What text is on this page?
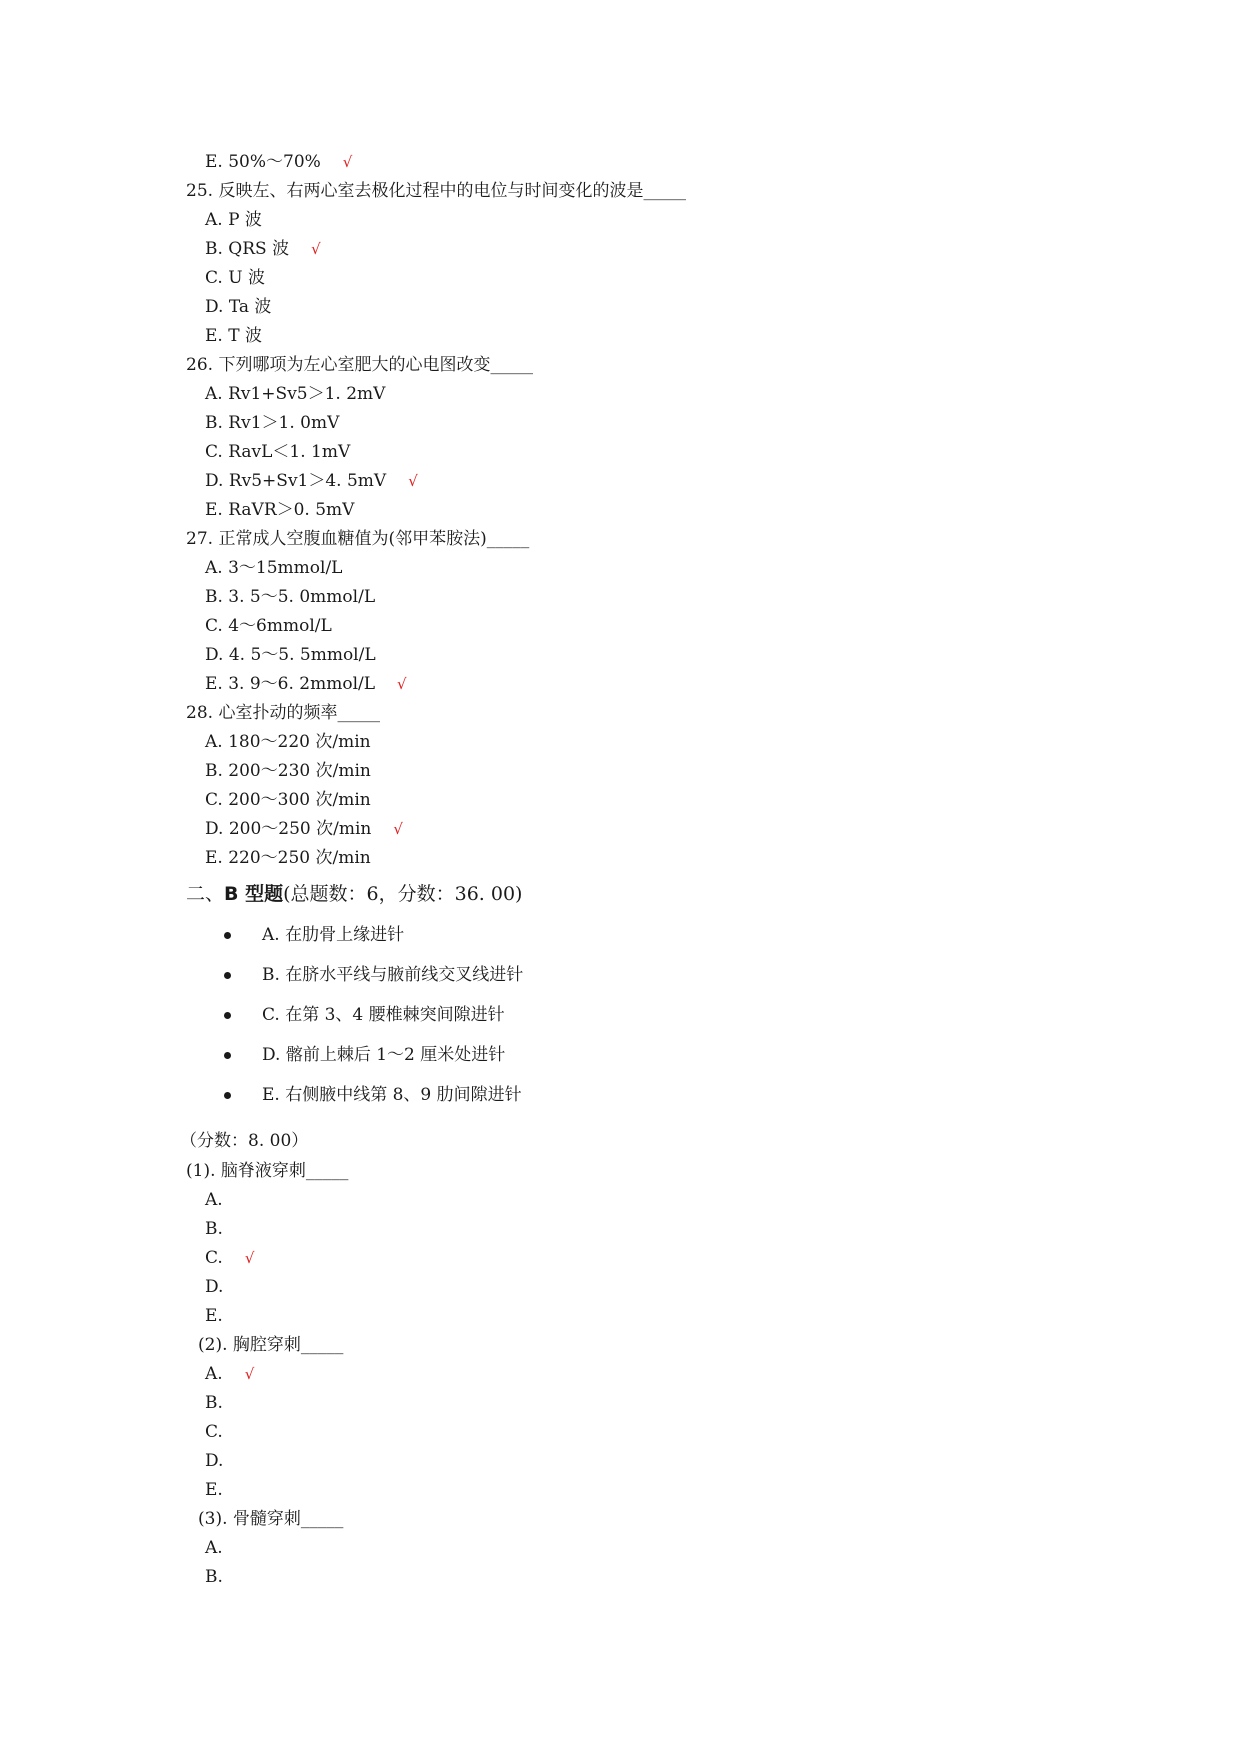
E. 50%～70% √
25. 反映左、右两心室去极化过程中的电位与时间变化的波是_____
A. P 波
B. QRS 波 √
C. U 波
D. Ta 波
E. T 波
26. 下列哪项为左心室肥大的心电图改变_____
A. Rv1+Sv5＞1. 2mV
B. Rv1＞1. 0mV
C. RavL＜1. 1mV
D. Rv5+Sv1＞4. 5mV √
E. RaVR＞0. 5mV
27. 正常成人空腹血糖值为(邻甲苯胺法)_____
A. 3～15mmol/L
B. 3. 5～5. 0mmol/L
C. 4～6mmol/L
D. 4. 5～5. 5mmol/L
E. 3. 9～6. 2mmol/L √
28. 心室扑动的频率_____
A. 180～220 次/min
B. 200～230 次/min
C. 200～300 次/min
D. 200～250 次/min √
E. 220～250 次/min
二、B 型题(总题数：6，分数：36. 00)
A. 在肋骨上缘进针
B. 在脐水平线与腋前线交叉线进针
C. 在第 3、4 腰椎棘突间隙进针
D. 髂前上棘后 1～2 厘米处进针
E. 右侧腋中线第 8、9 肋间隙进针
（分数：8. 00）
(1). 脑脊液穿刺_____
A.
B.
C. √
D.
E.
(2). 胸腔穿刺_____
A. √
B.
C.
D.
E.
(3). 骨髓穿刺_____
A.
B.
